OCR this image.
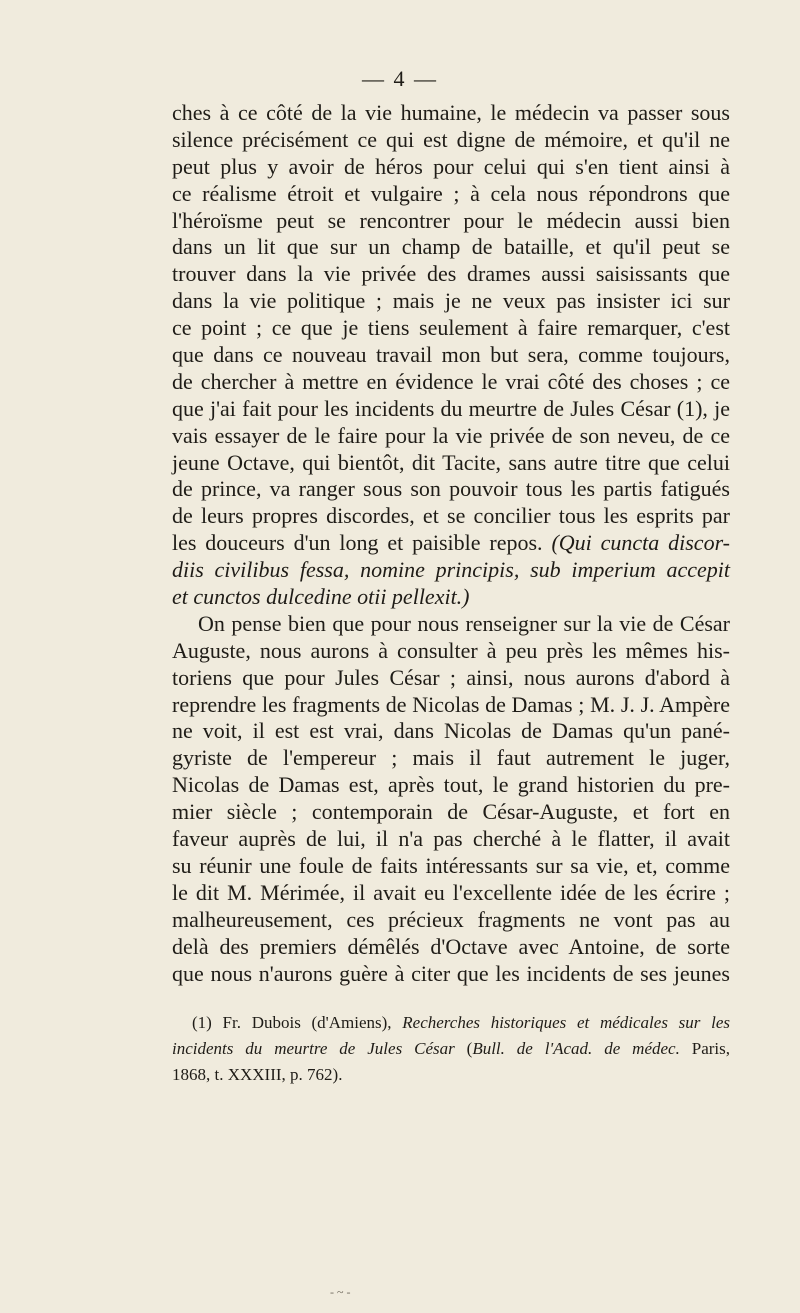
— 4 —
ches à ce côté de la vie humaine, le médecin va passer sous
silence précisément ce qui est digne de mémoire, et qu'il ne
peut plus y avoir de héros pour celui qui s'en tient ainsi à
ce réalisme étroit et vulgaire ; à cela nous répondrons que
l'héroïsme peut se rencontrer pour le médecin aussi bien
dans un lit que sur un champ de bataille, et qu'il peut se
trouver dans la vie privée des drames aussi saisissants que
dans la vie politique ; mais je ne veux pas insister ici sur
ce point ; ce que je tiens seulement à faire remarquer, c'est
que dans ce nouveau travail mon but sera, comme toujours,
de chercher à mettre en évidence le vrai côté des choses ; ce
que j'ai fait pour les incidents du meurtre de Jules César (1), je
vais essayer de le faire pour la vie privée de son neveu, de ce
jeune Octave, qui bientôt, dit Tacite, sans autre titre que celui
de prince, va ranger sous son pouvoir tous les partis fatigués
de leurs propres discordes, et se concilier tous les esprits par
les douceurs d'un long et paisible repos. (Qui cuncta discor-
diis civilibus fessa, nomine principis, sub imperium accepit
et cunctos dulcedine otii pellexit.)
On pense bien que pour nous renseigner sur la vie de César
Auguste, nous aurons à consulter à peu près les mêmes his-
toriens que pour Jules César ; ainsi, nous aurons d'abord à
reprendre les fragments de Nicolas de Damas ; M. J. J. Ampère
ne voit, il est est vrai, dans Nicolas de Damas qu'un pané-
gyriste de l'empereur ; mais il faut autrement le juger,
Nicolas de Damas est, après tout, le grand historien du pre-
mier siècle ; contemporain de César-Auguste, et fort en
faveur auprès de lui, il n'a pas cherché à le flatter, il avait
su réunir une foule de faits intéressants sur sa vie, et, comme
le dit M. Mérimée, il avait eu l'excellente idée de les écrire ;
malheureusement, ces précieux fragments ne vont pas au
delà des premiers démêlés d'Octave avec Antoine, de sorte
que nous n'aurons guère à citer que les incidents de ses jeunes
(1) Fr. Dubois (d'Amiens), Recherches historiques et médicales sur les
incidents du meurtre de Jules César (Bull. de l'Acad. de médec. Paris,
1868, t. XXXIII, p. 762).
- ~ -
